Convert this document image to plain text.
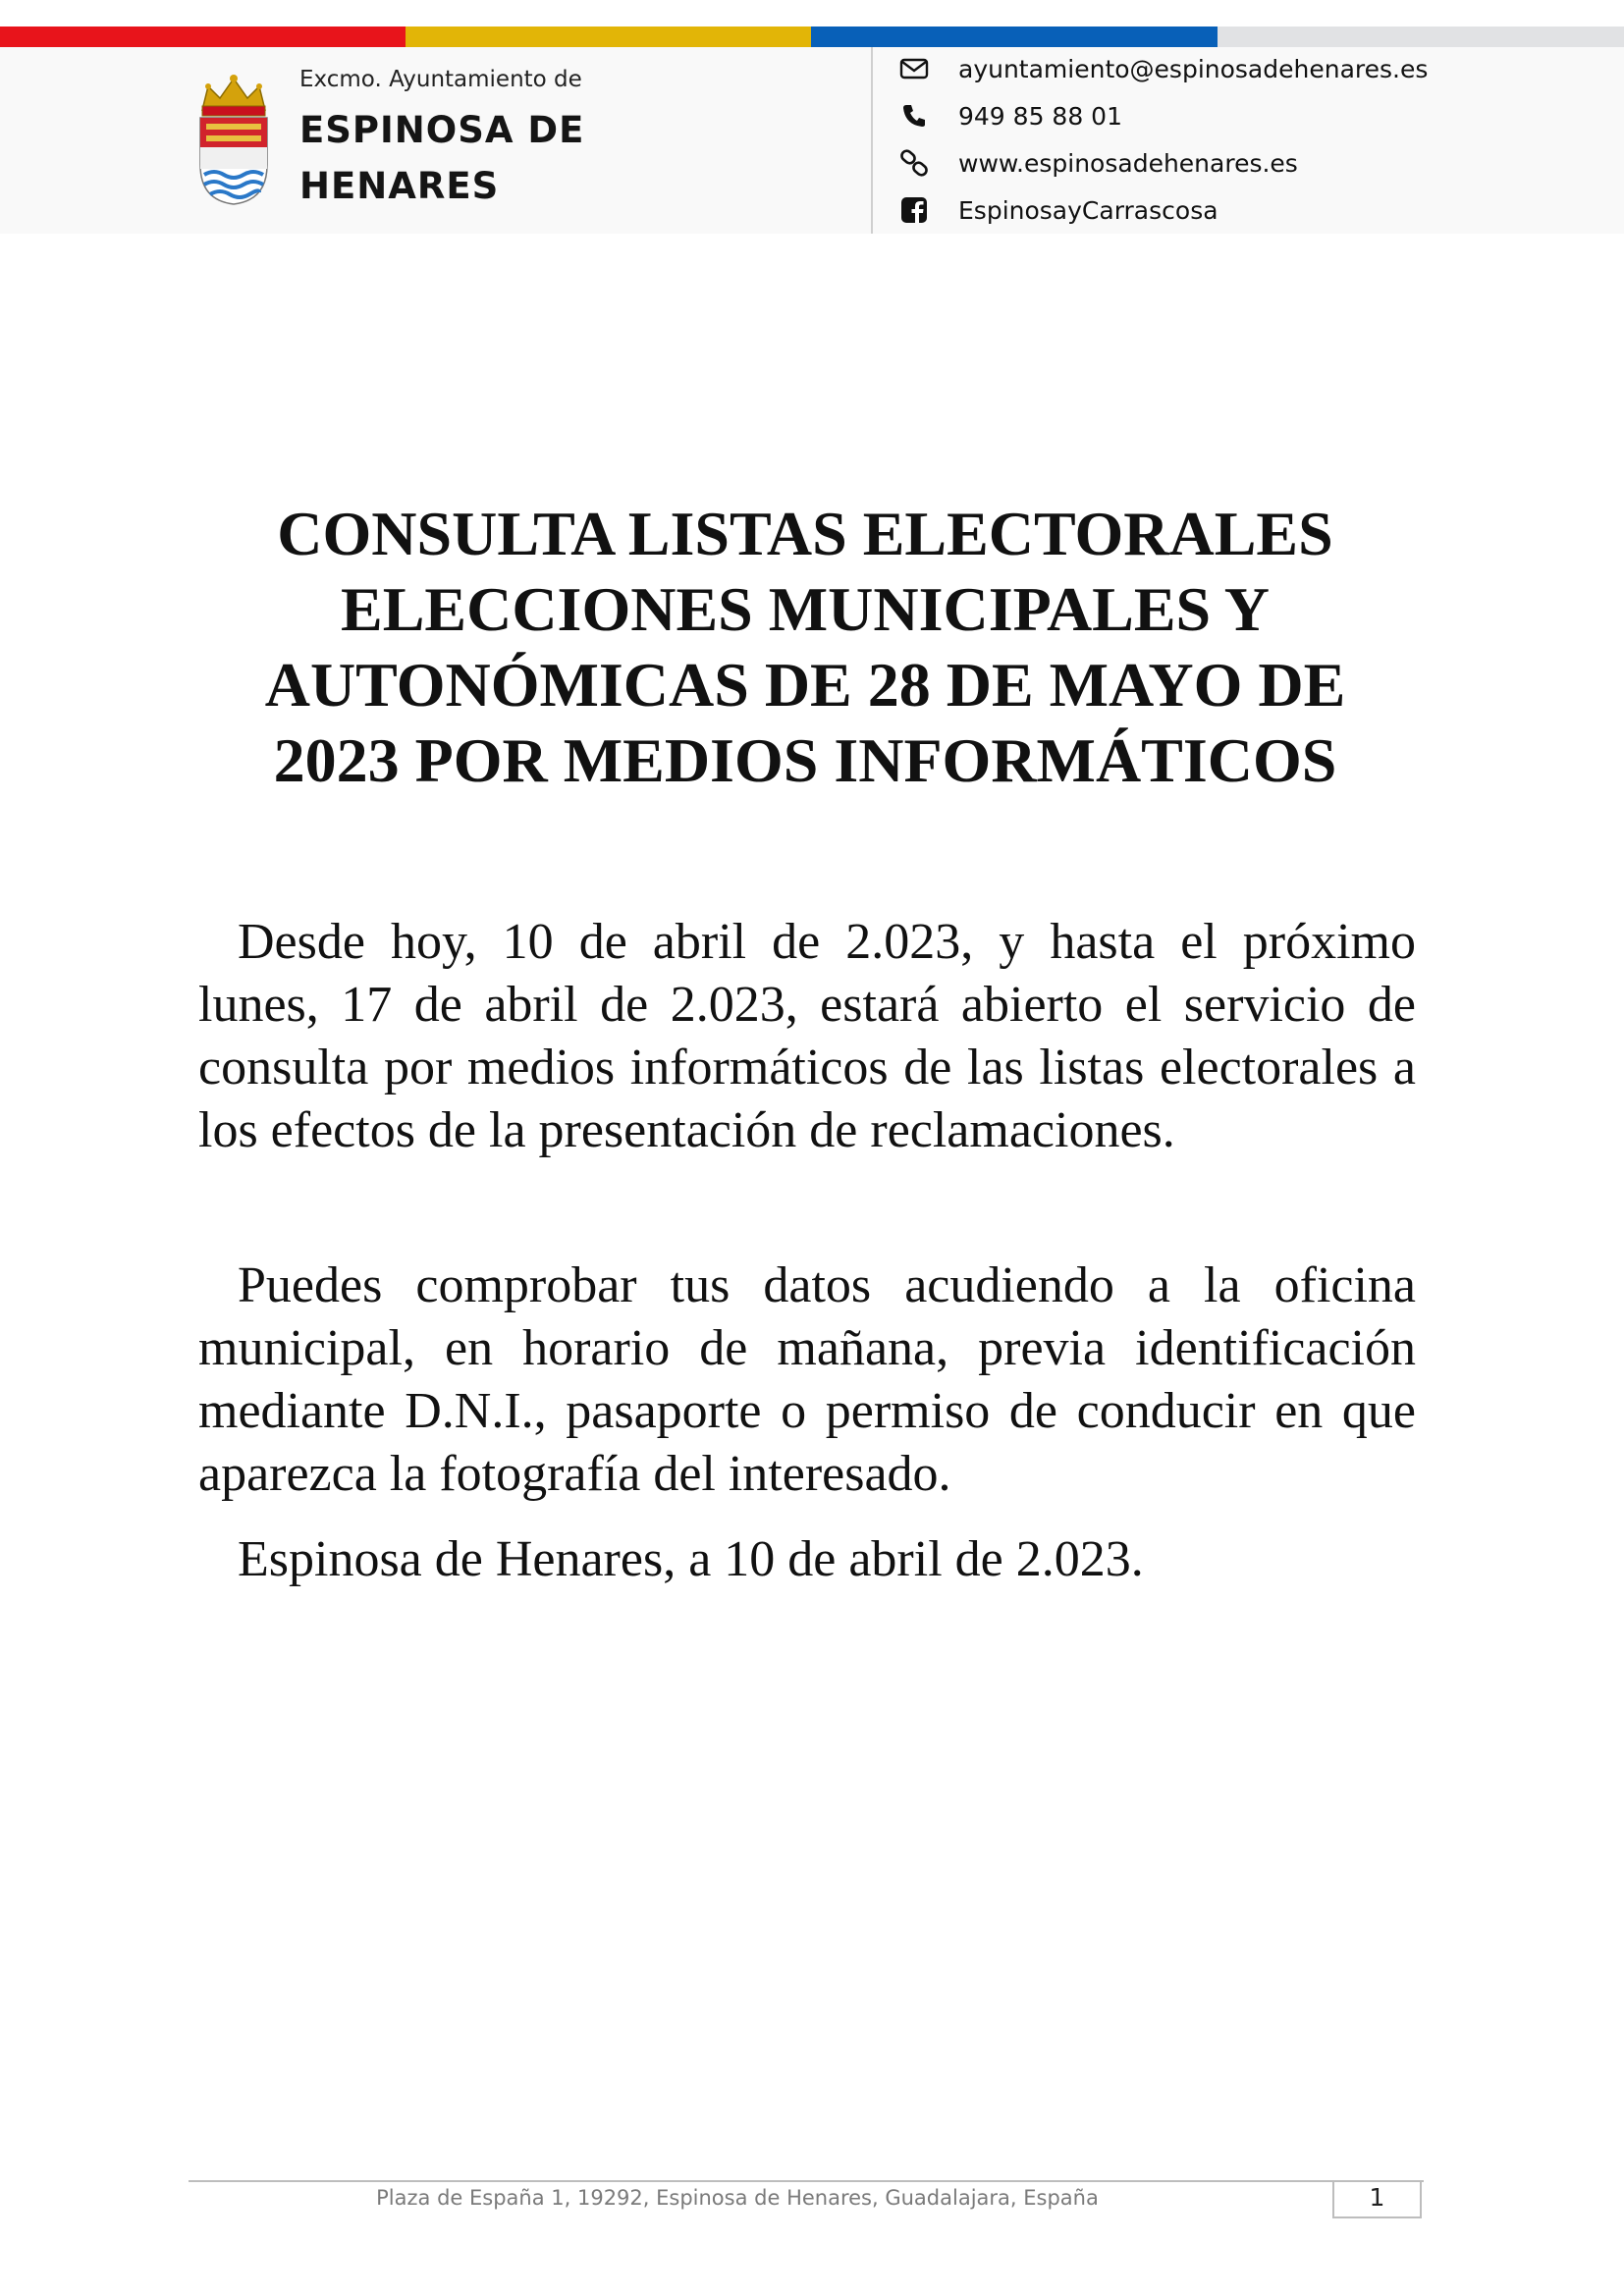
Excmo. Ayuntamiento de
ESPINOSA DE
HENARES
ayuntamiento@espinosadehenares.es
949 85 88 01
www.espinosadehenares.es
EspinosayCarrascosa
CONSULTA LISTAS ELECTORALES
ELECCIONES MUNICIPALES Y
AUTONÓMICAS DE 28 DE MAYO DE
2023 POR MEDIOS INFORMÁTICOS

Desde hoy, 10 de abril de 2.023, y hasta el próximo lunes, 17 de abril de 2.023, estará abierto el servicio de consulta por medios informáticos de las listas electorales a los efectos de la presentación de reclamaciones.

Puedes comprobar tus datos acudiendo a la oficina municipal, en horario de mañana, previa identificación mediante D.N.I., pasaporte o permiso de conducir en que aparezca la fotografía del interesado.

Espinosa de Henares, a 10 de abril de 2.023.

Plaza de España 1, 19292, Espinosa de Henares, Guadalajara, España	1
